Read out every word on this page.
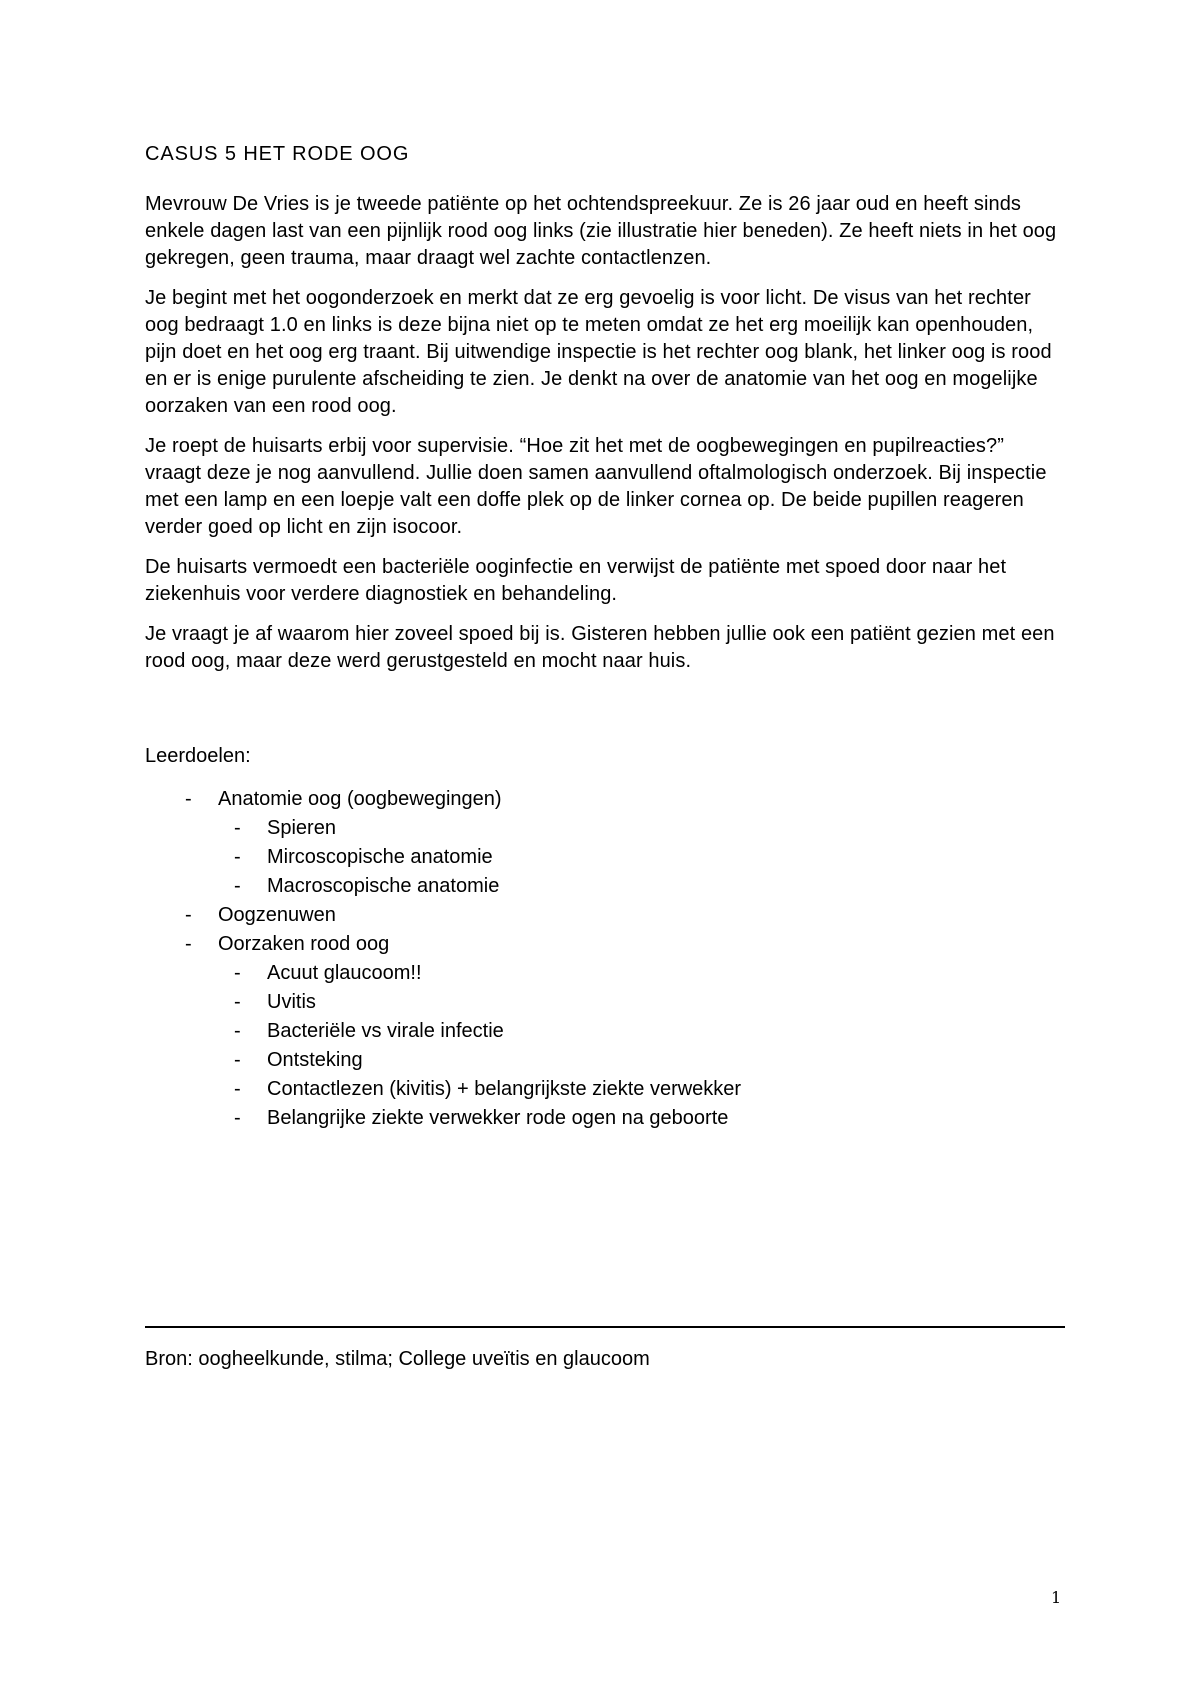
CASUS 5 HET RODE OOG

Mevrouw De Vries is je tweede patiënte op het ochtendspreekuur. Ze is 26 jaar oud en heeft sinds enkele dagen last van een pijnlijk rood oog links (zie illustratie hier beneden). Ze heeft niets in het oog gekregen, geen trauma, maar draagt wel zachte contactlenzen.

Je begint met het oogonderzoek en merkt dat ze erg gevoelig is voor licht. De visus van het rechter oog bedraagt 1.0 en links is deze bijna niet op te meten omdat ze het erg moeilijk kan openhouden, pijn doet en het oog erg traant. Bij uitwendige inspectie is het rechter oog blank, het linker oog is rood en er is enige purulente afscheiding te zien. Je denkt na over de anatomie van het oog en mogelijke oorzaken van een rood oog.

Je roept de huisarts erbij voor supervisie. “Hoe zit het met de oogbewegingen en pupilreacties?” vraagt deze je nog aanvullend. Jullie doen samen aanvullend oftalmologisch onderzoek. Bij inspectie met een lamp en een loepje valt een doffe plek op de linker cornea op. De beide pupillen reageren verder goed op licht en zijn isocoor.

De huisarts vermoedt een bacteriële ooginfectie en verwijst de patiënte met spoed door naar het ziekenhuis voor verdere diagnostiek en behandeling.

Je vraagt je af waarom hier zoveel spoed bij is. Gisteren hebben jullie ook een patiënt gezien met een rood oog, maar deze werd gerustgesteld en mocht naar huis.

Leerdoelen:
- Anatomie oog (oogbewegingen)
- Spieren
- Mircoscopische anatomie
- Macroscopische anatomie
- Oogzenuwen
- Oorzaken rood oog
- Acuut glaucoom!!
- Uvitis
- Bacteriële vs virale infectie
- Ontsteking
- Contactlezen (kivitis) + belangrijkste ziekte verwekker
- Belangrijke ziekte verwekker rode ogen na geboorte
Bron: oogheelkunde, stilma; College uveïtis en glaucoom
1
